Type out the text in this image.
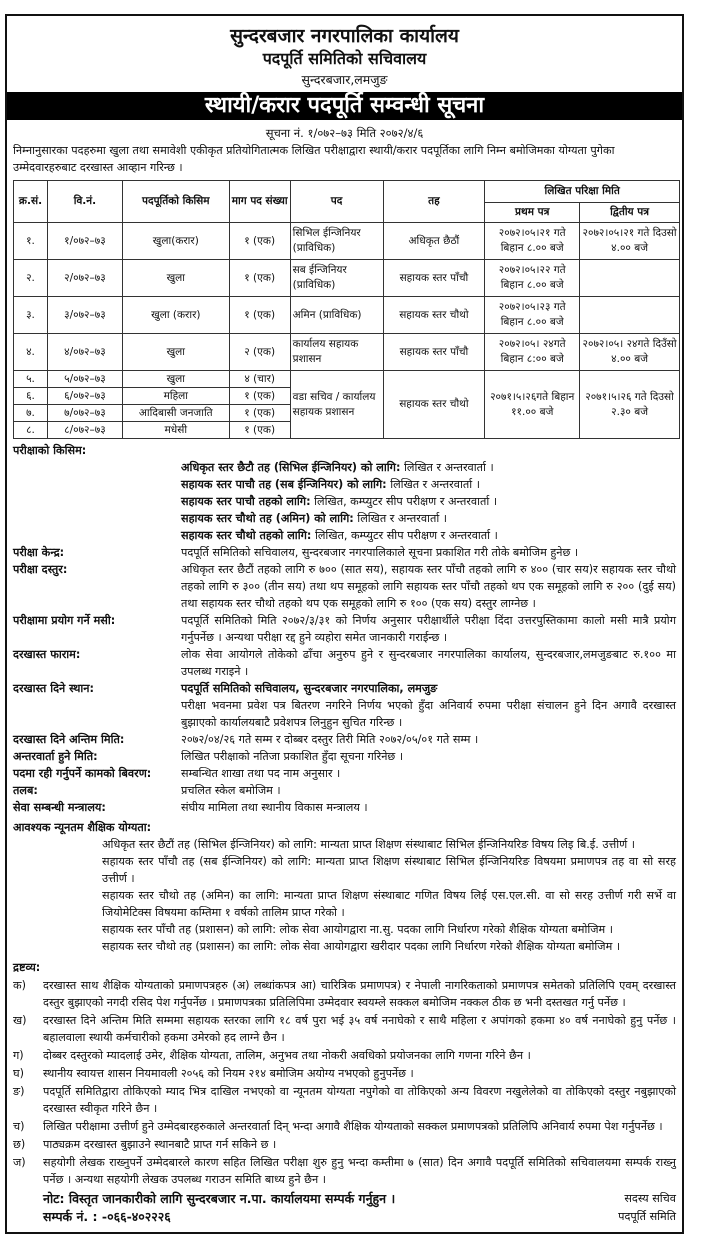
सुन्दरबजार नगरपालिका कार्यालय
पदपूर्ति समितिको सचिवालय
सुन्दरबजार,लमजुङ
स्थायी/करार पदपूर्ति सम्वन्धी सूचना
सूचना नं. १/०७२–७३ मिति २०७२/४/६
निम्नानुसारका पदहरुमा खुला तथा समावेशी एकीकृत प्रतियोगितात्मक लिखित परीक्षाद्वारा स्थायी/करार पदपूर्तिका लागि निम्न बमोजिमका योग्यता पुगेका उम्मेदवारहरुबाट दरखास्त आव्हान गरिन्छ ।
क्र.सं.	वि.नं.	पदपूर्तिको किसिम	माग पद संख्या	पद	तह	लिखित परिक्षा मिति	
						प्रथम पत्र	द्वितीय पत्र
१.	१/०७२–७३	खुला(करार)	१ (एक)	सिभिल ईन्जिनियर (प्राविधिक)	अधिकृत छैठौं	२०७२।०५।२१ गते बिहान ८.०० बजे	२०७२।०५।२१ गते दिउसो ४.०० बजे
२.	२/०७२–७३	खुला	१ (एक)	सब ईन्जिनियर (प्राविधिक)	सहायक स्तर पाँचौ	२०७२।०५।२२ गते बिहान ८.०० बजे	
३.	३/०७२–७३	खुला (करार)	१ (एक)	अमिन (प्राविधिक)	सहायक स्तर चौथो	२०७२।०५।२३ गते बिहान ८.०० बजे	
४.	४/०७२–७३	खुला	२ (एक)	कार्यालय सहायक प्रशासन	सहायक स्तर पाँचौ	२०७२।०५। २४गते बिहान ८:०० बजे	२०७२।०५। २४गते दिउँसो ४.०० बजे
५.	५/०७२–७३	खुला	४ (चार)	वडा सचिव / कार्यालय सहायक प्रशासन	सहायक स्तर चौथो	२०७१।५।२६गते बिहान ११.०० बजे	२०७१।५।२६ गते दिउसो २.३० बजे
६.	६/०७२–७३	महिला	१ (एक)				
७.	७/०७२–७३	आदिबासी जनजाति	१ (एक)				
८.	८/०७२–७३	मधेसी	१ (एक)				
परीक्षाको किसिम:
अधिकृत स्तर छैटौ तह (सिभिल ईन्जिनियर) को लागि: लिखित र अन्तरवार्ता ।
सहायक स्तर पाचौ तह (सब ईन्जिनियर) को लागि: लिखित र अन्तरवार्ता ।
सहायक स्तर पाचौ तहको लागि: लिखित, कम्प्युटर सीप परीक्षण र अन्तरवार्ता ।
सहायक स्तर चौथो तह (अमिन) को लागि: लिखित र अन्तरवार्ता ।
सहायक स्तर चौथो तहको लागि: लिखित, कम्प्युटर सीप परीक्षण र अन्तरवार्ता ।
परीक्षा केन्द्र:	पदपूर्ति समितिको सचिवालय, सुन्दरबजार नगरपालिकाले सूचना प्रकाशित गरी तोके बमोजिम हुनेछ ।
परीक्षा दस्तुर:	अधिकृत स्तर छैटौं तहको लागि रु ७०० (सात सय), सहायक स्तर पाँचौ तहको लागि रु ४०० (चार सय)र सहायक स्तर चौथो तहको लागि रु ३०० (तीन सय) तथा थप समूहको लागि सहायक स्तर पाँचौ तहको थप एक समूहको लागि रु २०० (दुई सय) तथा सहायक स्तर चौथो तहको थप एक समूहको लागि रु १०० (एक सय) दस्तुर लाग्नेछ ।
परीक्षामा प्रयोग गर्ने मसी:	पदपूर्ति समितिको मिति २०७२/३/३१ को निर्णय अनुसार परीक्षार्थीले परीक्षा दिंदा उत्तरपुस्तिकामा कालो मसी मात्रै प्रयोग गर्नुपर्नेछ । अन्यथा परीक्षा रद्द हुने व्यहोरा समेत जानकारी गराईन्छ ।
दरखास्त फाराम:	लोक सेवा आयोगले तोकेको ढाँचा अनुरुप हुने र सुन्दरबजार नगरपालिका कार्यालय, सुन्दरबजार,लमजुङबाट रु.१०० मा उपलब्ध गराइने ।
दरखास्त दिने स्थान:	पदपूर्ति समितिको सचिवालय, सुन्दरबजार नगरपालिका, लमजुङ
परीक्षा भवनमा प्रवेश पत्र बितरण नगरिने निर्णय भएको हुँदा अनिवार्य रुपमा परीक्षा संचालन हुने दिन अगावै दरखास्त बुझाएको कार्यालयबाटै प्रवेशपत्र लिनुहुन सुचित गरिन्छ ।
दरखास्त दिने अन्तिम मिति:	२०७२/०४/२६ गते सम्म र दोब्बर दस्तुर तिरी मिति २०७२/०५/०१ गते सम्म ।
अन्तरवार्ता हुने मिति:	लिखित परीक्षाको नतिजा प्रकाशित हुँदा सूचना गरिनेछ ।
पदमा रही गर्नुपर्ने कामको बिवरण:	सम्बन्धित शाखा तथा पद नाम अनुसार ।
तलब:	प्रचलित स्केल बमोजिम ।
सेवा सम्बन्धी मन्त्रालय:	संघीय मामिला तथा स्थानीय विकास मन्त्रालय ।
आवश्यक न्यूनतम शैक्षिक योग्यता:
अधिकृत स्तर छैटौं तह (सिभिल ईन्जिनियर) को लागि: मान्यता प्राप्त शिक्षण संस्थाबाट सिभिल ईन्जिनियरिङ विषय लिइ बि.ई. उत्तीर्ण ।
सहायक स्तर पाँचौ तह (सब ईन्जिनियर) को लागि: मान्यता प्राप्त शिक्षण संस्थाबाट सिभिल ईन्जिनियरिङ विषयमा प्रमाणपत्र तह वा सो सरह उत्तीर्ण ।
सहायक स्तर चौथो तह (अमिन) का लागि: मान्यता प्राप्त शिक्षण संस्थाबाट गणित विषय लिई एस.एल.सी. वा सो सरह उत्तीर्ण गरी सर्भे वा जियोमेटिक्स विषयमा कम्तिमा १ वर्षको तालिम प्राप्त गरेको ।
सहायक स्तर पाँचौ तह (प्रशासन) को लागि: लोक सेवा आयोगद्वारा ना.सु. पदका लागि निर्धारण गरेको शैक्षिक योग्यता बमोजिम ।
सहायक स्तर चौथो तह (प्रशासन) का लागि: लोक सेवा आयोगद्वारा खरीदार पदका लागि निर्धारण गरेको शैक्षिक योग्यता बमोजिम ।
द्रष्टव्य:
क)	दरखास्त साथ शैक्षिक योग्यताको प्रमाणपत्रहरु (अ) लब्धांकपत्र आ) चारित्रिक प्रमाणपत्र) र नेपाली नागरिकताको प्रमाणपत्र समेतको प्रतिलिपि एवम् दरखास्त दस्तुर बुझाएको नगदी रसिद पेश गर्नुपर्नेछ । प्रमाणपत्रका प्रतिलिपिमा उम्मेदवार स्वयम्ले सक्कल बमोजिम नक्कल ठीक छ भनी दस्तखत गर्नु पर्नेछ ।
ख)	दरखास्त दिने अन्तिम मिति सम्ममा सहायक स्तरका लागि १८ वर्ष पुरा भई ३५ वर्ष ननाघेको र साथै महिला र अपांगको हकमा ४० वर्ष ननाघेको हुनु पर्नेछ । बहालवाला स्थायी कर्मचारीको हकमा उमेरको हद लाग्ने छैन ।
ग)	दोब्बर दस्तुरको म्यादलाई उमेर, शैक्षिक योग्यता, तालिम, अनुभव तथा नोकरी अवधिको प्रयोजनका लागि गणना गरिने छैन ।
घ)	स्थानीय स्वायत्त शासन नियमावली २०५६ को नियम २१४ बमोजिम अयोग्य नभएको हुनुपर्नेछ ।
ङ)	पदपूर्ति समितिद्वारा तोकिएको म्याद भित्र दाखिल नभएको वा न्यूनतम योग्यता नपुगेको वा तोकिएको अन्य विवरण नखुलेलेको वा तोकिएको दस्तुर नबुझाएको दरखास्त स्वीकृत गरिने छैन ।
च)	लिखित परीक्षामा उत्तीर्ण हुने उम्मेदबारहरुकाले अन्तरवार्ता दिन् भन्दा अगावै शैक्षिक योग्यताको सक्कल प्रमाणपत्रको प्रतिलिपि अनिवार्य रुपमा पेश गर्नुपर्नेछ ।
छ)	पाठ्यक्रम दरखास्त बुझाउने स्थानबाटै प्राप्त गर्न सकिने छ ।
ज)	सहयोगी लेखक राख्नुपर्ने उम्मेदबारले कारण सहित लिखित परीक्षा शुरु हुनु भन्दा कम्तीमा ७ (सात) दिन अगावै पदपूर्ति समितिको सचिवालयमा सम्पर्क राख्नु पर्नेछ । अन्यथा सहयोगी लेखक उपलब्ध गराउन समिति बाध्य हुने छैन ।
नोट: विस्तृत जानकारीको लागि सुन्दरबजार न.पा. कार्यालयमा सम्पर्क गर्नुहुन ।
सम्पर्क नं. : -०६६-४०२२२६
सदस्य सचिव
पदपूर्ति समिति
